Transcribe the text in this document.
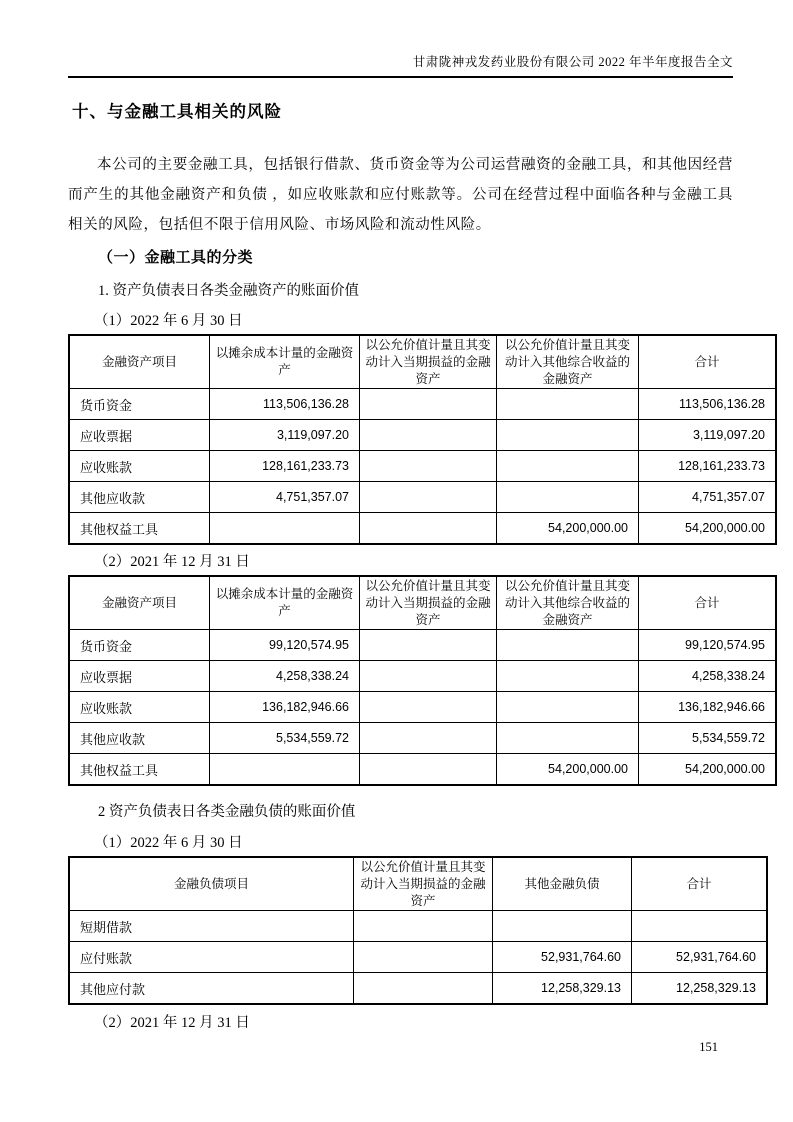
甘肃陇神戎发药业股份有限公司 2022 年半年度报告全文
十、与金融工具相关的风险

本公司的主要金融工具，包括银行借款、货币资金等为公司运营融资的金融工具，和其他因经营而产生的其他金融资产和负债 ，如应收账款和应付账款等。公司在经营过程中面临各种与金融工具相关的风险，包括但不限于信用风险、市场风险和流动性风险。

（一）金融工具的分类
1. 资产负债表日各类金融资产的账面价值
（1）2022 年 6 月 30 日
金融资产项目	以摊余成本计量的金融资产	以公允价值计量且其变动计入当期损益的金融资产	以公允价值计量且其变动计入其他综合收益的金融资产	合计
货币资金	113,506,136.28			113,506,136.28
应收票据	3,119,097.20			3,119,097.20
应收账款	128,161,233.73			128,161,233.73
其他应收款	4,751,357.07			4,751,357.07
其他权益工具			54,200,000.00	54,200,000.00
（2）2021 年 12 月 31 日
金融资产项目	以摊余成本计量的金融资产	以公允价值计量且其变动计入当期损益的金融资产	以公允价值计量且其变动计入其他综合收益的金融资产	合计
货币资金	99,120,574.95			99,120,574.95
应收票据	4,258,338.24			4,258,338.24
应收账款	136,182,946.66			136,182,946.66
其他应收款	5,534,559.72			5,534,559.72
其他权益工具			54,200,000.00	54,200,000.00
2 资产负债表日各类金融负债的账面价值
（1）2022 年 6 月 30 日
金融负债项目	以公允价值计量且其变动计入当期损益的金融资产	其他金融负债	合计
短期借款			
应付账款		52,931,764.60	52,931,764.60
其他应付款		12,258,329.13	12,258,329.13
（2）2021 年 12 月 31 日
151
